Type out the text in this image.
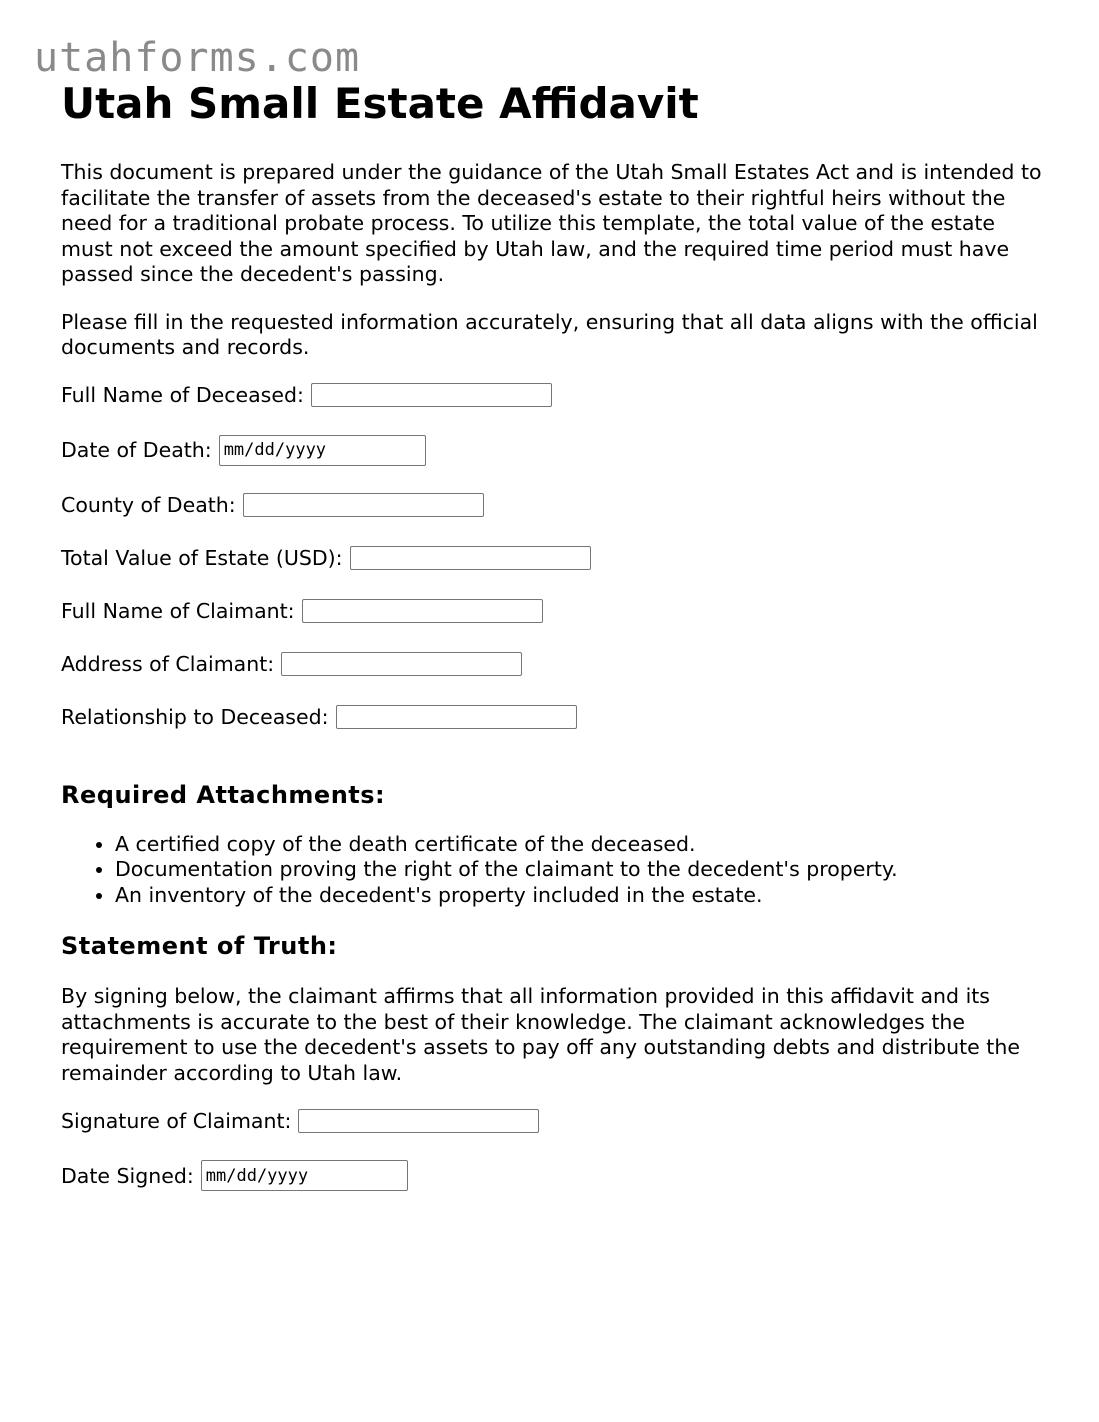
utahforms.com
Utah Small Estate Affidavit

This document is prepared under the guidance of the Utah Small Estates Act and is intended to facilitate the transfer of assets from the deceased's estate to their rightful heirs without the need for a traditional probate process. To utilize this template, the total value of the estate must not exceed the amount specified by Utah law, and the required time period must have passed since the decedent's passing.

Please fill in the requested information accurately, ensuring that all data aligns with the official documents and records.

Full Name of Deceased:
Date of Death:
mm/dd/yyyy
County of Death:
Total Value of Estate (USD):
Full Name of Claimant:
Address of Claimant:
Relationship to Deceased:
Required Attachments:
• A certified copy of the death certificate of the deceased.
• Documentation proving the right of the claimant to the decedent's property.
• An inventory of the decedent's property included in the estate.
Statement of Truth:

By signing below, the claimant affirms that all information provided in this affidavit and its attachments is accurate to the best of their knowledge. The claimant acknowledges the requirement to use the decedent's assets to pay off any outstanding debts and distribute the remainder according to Utah law.

Signature of Claimant:
Date Signed:
mm/dd/yyyy
